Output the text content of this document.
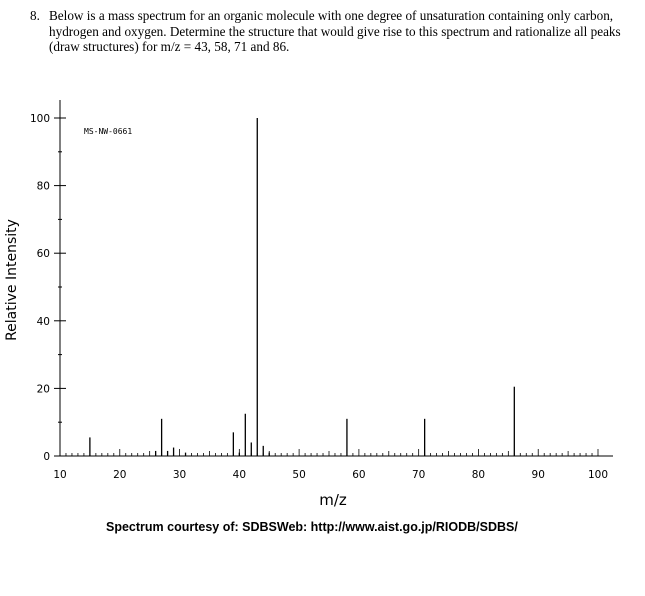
8. Below is a mass spectrum for an organic molecule with one degree of unsaturation containing only carbon, hydrogen and oxygen. Determine the structure that would give rise to this spectrum and rationalize all peaks (draw structures) for m/z = 43, 58, 71 and 86.
0
20
40
60
80
100
10	20	30	40	50	60	70	80	90	100
MS-NW-0661
m/z
Relative Intensity
Spectrum courtesy of: SDBSWeb: http://www.aist.go.jp/RIODB/SDBS/
